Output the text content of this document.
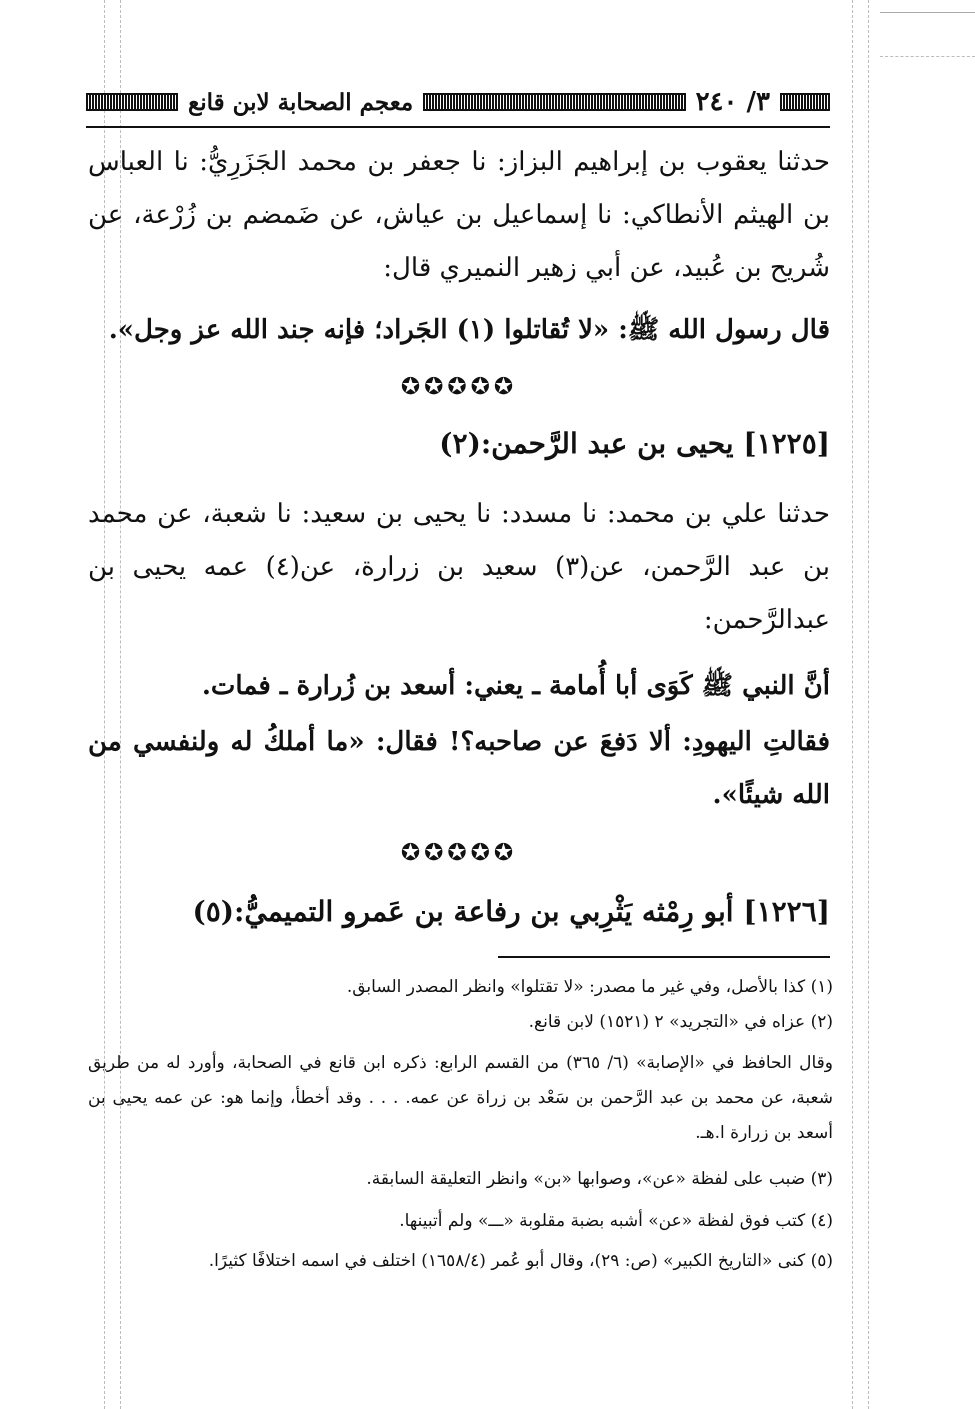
٣/ ٢٤٠
معجم الصحابة لابن قانع

حدثنا يعقوب بن إبراهيم البزاز: نا جعفر بن محمد الجَزَرِيُّ: نا العباس بن الهيثم الأنطاكي: نا إسماعيل بن عياش، عن ضَمضم بن زُرْعة، عن شُريح بن عُبيد، عن أبي زهير النميري قال:

قال رسول الله ﷺ: «لا تُقاتلوا (١) الجَراد؛ فإنه جند الله عز وجل».

✪✪✪✪✪
[١٢٢٥] يحيى بن عبد الرَّحمن:(٢)

حدثنا علي بن محمد: نا مسدد: نا يحيى بن سعيد: نا شعبة، عن محمد بن عبد الرَّحمن، عن(٣) سعيد بن زرارة، عن(٤) عمه يحيى بن عبدالرَّحمن:

أنَّ النبي ﷺ كَوَى أبا أُمامة ـ يعني: أسعد بن زُرارة ـ فمات.

فقالتِ اليهودِ: ألا دَفعَ عن صاحبه؟! فقال: «ما أملكُ له ولنفسي من الله شيئًا».

✪✪✪✪✪
[١٢٢٦] أبو رِمْثه يَثْرِبي بن رفاعة بن عَمرو التميميُّ:(٥)

(١) كذا بالأصل، وفي غير ما مصدر: «لا تقتلوا» وانظر المصدر السابق.

(٢) عزاه في «التجريد» ٢ (١٥٢١) لابن قانع.

وقال الحافظ في «الإصابة» (٦/ ٣٦٥) من القسم الرابع: ذكره ابن قانع في الصحابة، وأورد له من طريق شعبة، عن محمد بن عبد الرَّحمن بن سَعْد بن زراة عن عمه. . . . وقد أخطأ، وإنما هو: عن عمه يحيى بن أسعد بن زرارة ا.هـ.

(٣) ضبب على لفظة «عن»، وصوابها «بن» وانظر التعليقة السابقة.

(٤) كتب فوق لفظة «عن» أشبه بضبة مقلوبة «ـــ» ولم أتبينها.

(٥) كنى «التاريخ الكبير» (ص: ٢٩)، وقال أبو عُمر (١٦٥٨/٤) اختلف في اسمه اختلافًا كثيرًا.
